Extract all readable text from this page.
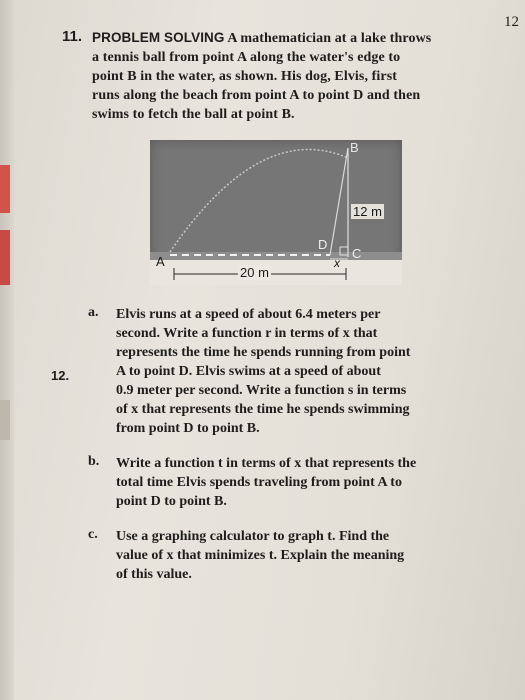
12
11. PROBLEM SOLVING A mathematician at a lake throws
a tennis ball from point A along the water's edge to
point B in the water, as shown. His dog, Elvis, first
runs along the beach from point A to point D and then
swims to fetch the ball at point B.
B
12 m
D
C
x
A
20 m
12.
a. Elvis runs at a speed of about 6.4 meters per
second. Write a function r in terms of x that
represents the time he spends running from point
A to point D. Elvis swims at a speed of about
0.9 meter per second. Write a function s in terms
of x that represents the time he spends swimming
from point D to point B.
b. Write a function t in terms of x that represents the
total time Elvis spends traveling from point A to
point D to point B.
c. Use a graphing calculator to graph t. Find the
value of x that minimizes t. Explain the meaning
of this value.
